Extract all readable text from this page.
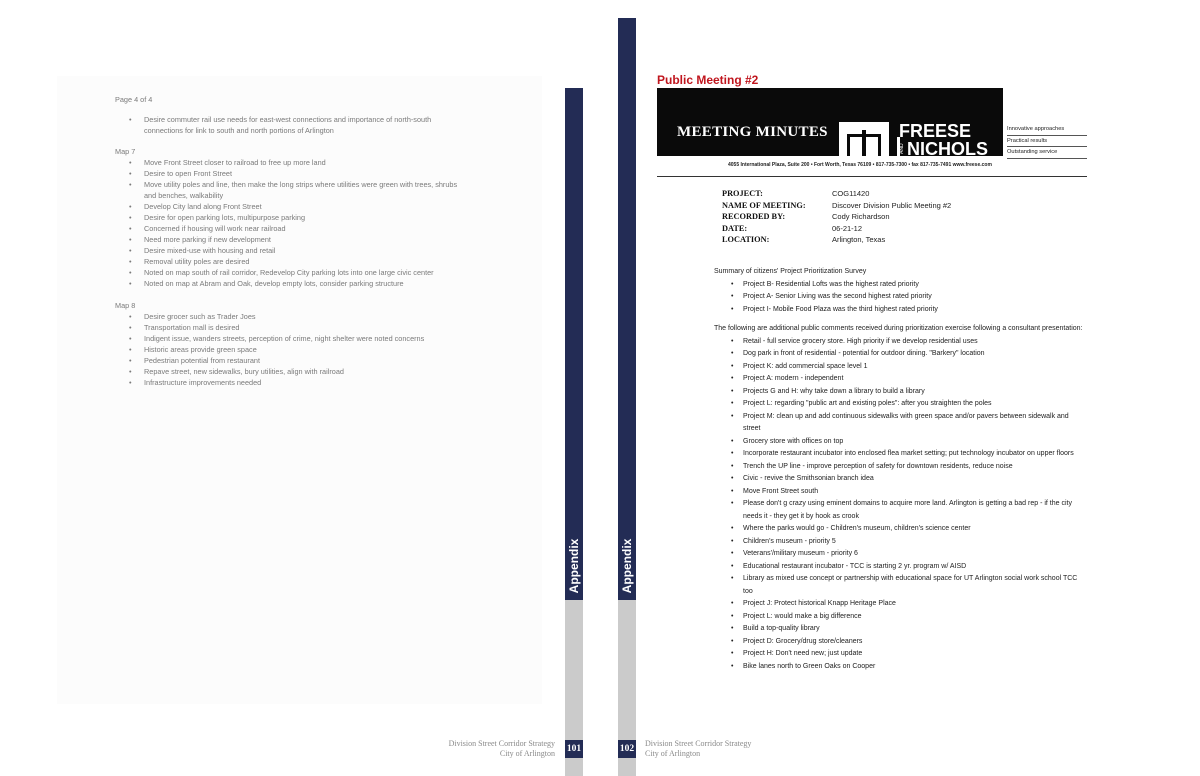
Page 4 of 4
• Desire commuter rail use needs for east-west connections and importance of north-south connections for link to south and north portions of Arlington
Map 7
• Move Front Street closer to railroad to free up more land
• Desire to open Front Street
• Move utility poles and line, then make the long strips where utilities were green with trees, shrubs and benches, walkability
• Develop City land along Front Street
• Desire for open parking lots, multipurpose parking
• Concerned if housing will work near railroad
• Need more parking if new development
• Desire mixed-use with housing and retail
• Removal utility poles are desired
• Noted on map south of rail corridor, Redevelop City parking lots into one large civic center
• Noted on map at Abram and Oak, develop empty lots, consider parking structure
Map 8
• Desire grocer such as Trader Joes
• Transportation mall is desired
• Indigent issue, wanders streets, perception of crime, night shelter were noted concerns
• Historic areas provide green space
• Pedestrian potential from restaurant
• Repave street, new sidewalks, bury utilities, align with railroad
• Infrastructure improvements needed
Appendix	Appendix
101	102
Division Street Corridor Strategy
City of Arlington
Division Street Corridor Strategy
City of Arlington
Public Meeting #2
MEETING MINUTES	FREESE
NICHOLS
AND
Innovative approaches
Practical results
Outstanding service
4055 International Plaza, Suite 200 • Fort Worth, Texas 76109 • 817-735-7300 • fax 817-735-7491 www.freese.com
PROJECT:	COG11420
NAME OF MEETING:	Discover Division Public Meeting #2
RECORDED BY:	Cody Richardson
DATE:	06-21-12
LOCATION:	Arlington, Texas
Summary of citizens' Project Prioritization Survey
• Project B- Residential Lofts was the highest rated priority
• Project A- Senior Living was the second highest rated priority
• Project I- Mobile Food Plaza was the third highest rated priority
The following are additional public comments received during prioritization exercise following a consultant presentation:
• Retail - full service grocery store. High priority if we develop residential uses
• Dog park in front of residential - potential for outdoor dining. "Barkery" location
• Project K: add commercial space level 1
• Project A: modern - independent
• Projects G and H: why take down a library to build a library
• Project L: regarding "public art and existing poles": after you straighten the poles
• Project M: clean up and add continuous sidewalks with green space and/or pavers between sidewalk and street
• Grocery store with offices on top
• Incorporate restaurant incubator into enclosed flea market setting; put technology incubator on upper floors
• Trench the UP line - improve perception of safety for downtown residents, reduce noise
• Civic - revive the Smithsonian branch idea
• Move Front Street south
• Please don't g crazy using eminent domains to acquire more land. Arlington is getting a bad rep - if the city needs it - they get it by hook as crook
• Where the parks would go - Children's museum, children's science center
• Children's museum - priority 5
• Veterans'/military museum - priority 6
• Educational restaurant incubator - TCC is starting 2 yr. program w/ AISD
• Library as mixed use concept or partnership with educational space for UT Arlington social work school TCC too
• Project J: Protect historical Knapp Heritage Place
• Project L: would make a big difference
• Build a top-quality library
• Project D: Grocery/drug store/cleaners
• Project H: Don't need new; just update
• Bike lanes north to Green Oaks on Cooper
